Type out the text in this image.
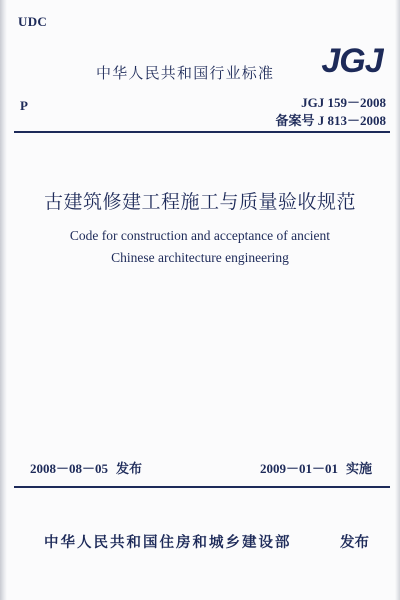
UDC
中华人民共和国行业标准 JGJ
P	JGJ 159－2008
备案号 J 813－2008
古建筑修建工程施工与质量验收规范
Code for construction and acceptance of ancient
Chinese architecture engineering
2008－08－05 发布	2009－01－01 实施
中华人民共和国住房和城乡建设部	发布
